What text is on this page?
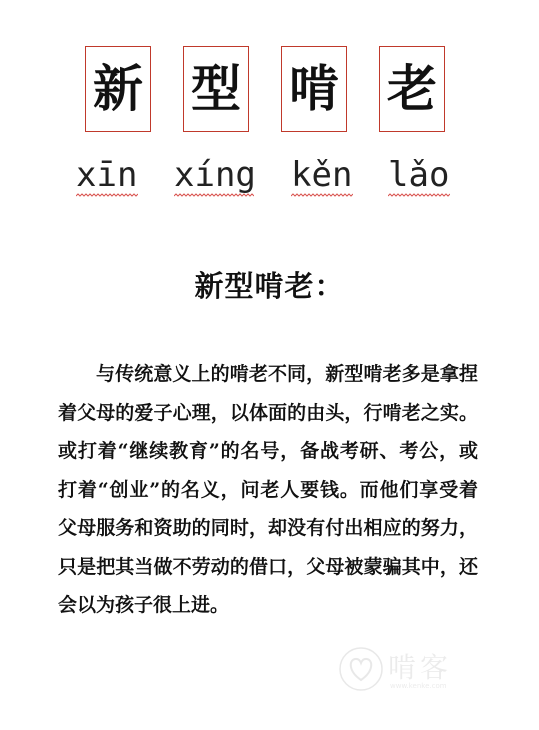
新 型 啃 老
xīn xíng kěn lǎo
新型啃老：

与传统意义上的啃老不同，新型啃老多是拿捏着父母的爱子心理，以体面的由头，行啃老之实。或打着“继续教育”的名号，备战考研、考公，或打着“创业”的名义，问老人要钱。而他们享受着父母服务和资助的同时，却没有付出相应的努力，只是把其当做不劳动的借口，父母被蒙骗其中，还会以为孩子很上进。

啃客
www.kenke.com
